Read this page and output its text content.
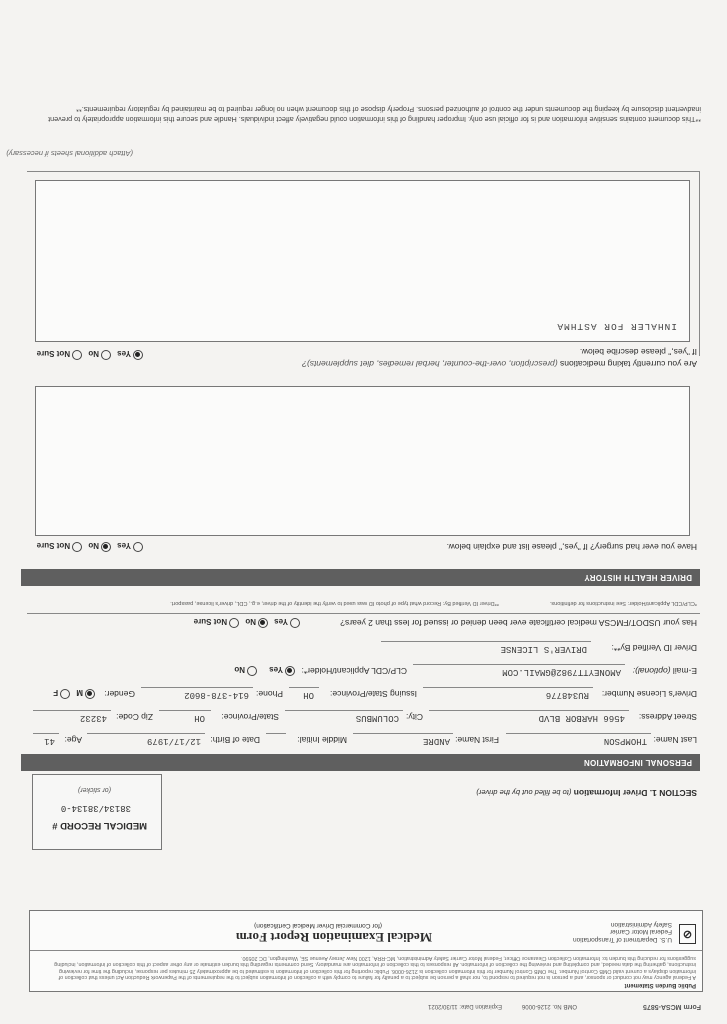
Form MCSA-5875
OMB No. 2126-0006
Expiration Date: 11/30/2021
Public Burden Statement
A Federal agency may not conduct or sponsor, and a person is not required to respond to, nor shall a person be subject to a penalty for failure to comply with a collection of information subject to the requirements of the Paperwork Reduction Act unless that collection of information displays a current valid OMB Control Number. The OMB Control Number for this information collection is 2126-0006. Public reporting for this collection of information is estimated to be approximately 25 minutes per response, including the time for reviewing instructions, gathering the data needed, and completing and reviewing the collection of information. All responses to this collection of information are mandatory. Send comments regarding this burden estimate or any other aspect of this collection of information, including suggestions for reducing this burden to: Information Collection Clearance Officer, Federal Motor Carrier Safety Administration, MC-RRA, 1200 New Jersey Avenue SE, Washington, DC 20590.
⊘
U.S. Department of Transportation
Federal Motor Carrier
Safety Administration
Medical Examination Report Form
(for Commercial Driver Medical Certification)
SECTION 1. Driver Information (to be filled out by the driver)
MEDICAL RECORD #
38134/38134-0
(or sticker)
PERSONAL INFORMATION
Last Name:
THOMPSON
First Name:
ANDRE
Middle Initial:
Date of Birth:
12/17/1979
Age:
41
Street Address:
4566 HARBOR BLVD
City:
COLUMBUS
State/Province:
OH
Zip Code:
43232
Driver's License Number:
RU348776
Issuing State/Province:
OH
Phone:
614-378-8602
Gender:
M F
E-mail (optional):
AMONEYTT7982@GMAIL.COM
CLP/CDL Applicant/Holder*:
Yes No
Driver ID Verified By**:
DRIVER'S LICENSE
Has your USDOT/FMCSA medical certificate ever been denied or issued for less than 2 years?
Yes No Not Sure
*CLP/CDL Applicant/Holder: See instructions for definitions.
**Driver ID Verified By: Record what type of photo ID was used to verify the identity of the driver, e.g., CDL, driver's license, passport.
DRIVER HEALTH HISTORY
Have you ever had surgery? If "yes," please list and explain below.
Yes No Not Sure
Are you currently taking medications (prescription, over-the-counter, herbal remedies, diet supplements)?
If "yes," please describe below.
Yes No Not Sure
INHALER FOR ASTHMA
(Attach additional sheets if necessary)
**This document contains sensitive information and is for official use only. Improper handling of this information could negatively affect individuals. Handle and secure this information appropriately to prevent inadvertent disclosure by keeping the documents under the control of authorized persons. Properly dispose of this document when no longer required to be maintained by regulatory requirements.**
